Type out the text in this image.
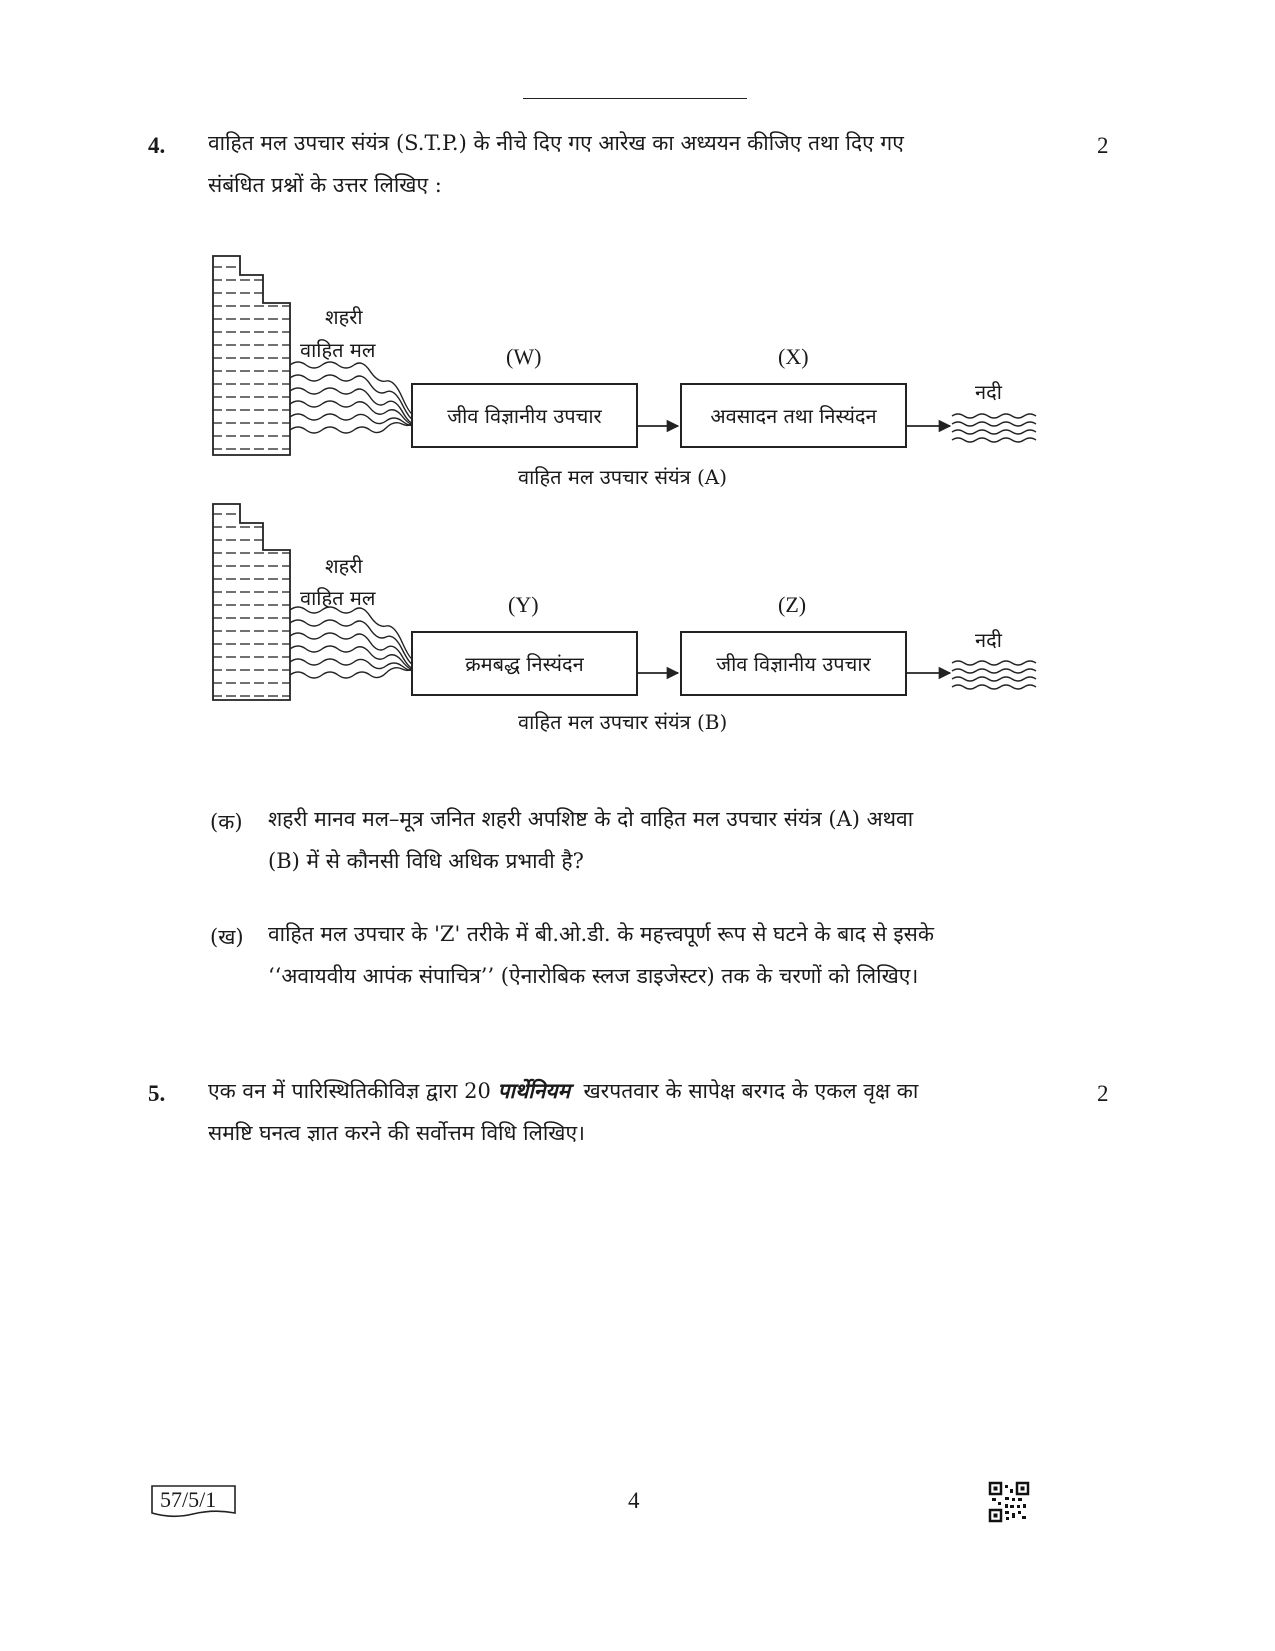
4. वाहित मल उपचार संयंत्र (S.T.P.) के नीचे दिए गए आरेख का अध्ययन कीजिए तथा दिए गए
संबंधित प्रश्नों के उत्तर लिखिए :
2
शहरी
वाहित मल	(W)	(X)
जीव विज्ञानीय उपचार	अवसादन तथा निस्यंदन
नदी
वाहित मल उपचार संयंत्र (A)
शहरी
वाहित मल	(Y)	(Z)
क्रमबद्ध निस्यंदन	जीव विज्ञानीय उपचार
नदी
वाहित मल उपचार संयंत्र (B)
(क) शहरी मानव मल–मूत्र जनित शहरी अपशिष्ट के दो वाहित मल उपचार संयंत्र (A) अथवा
(B) में से कौनसी विधि अधिक प्रभावी है?
(ख) वाहित मल उपचार के 'Z' तरीके में बी.ओ.डी. के महत्त्वपूर्ण रूप से घटने के बाद से इसके
‘‘अवायवीय आपंक संपाचित्र’’ (ऐनारोबिक स्लज डाइजेस्टर) तक के चरणों को लिखिए।
5. एक वन में पारिस्थितिकीविज्ञ द्वारा 20 पार्थेनियम खरपतवार के सापेक्ष बरगद के एकल वृक्ष का
समष्टि घनत्व ज्ञात करने की सर्वोत्तम विधि लिखिए।
2
57/5/1	4
